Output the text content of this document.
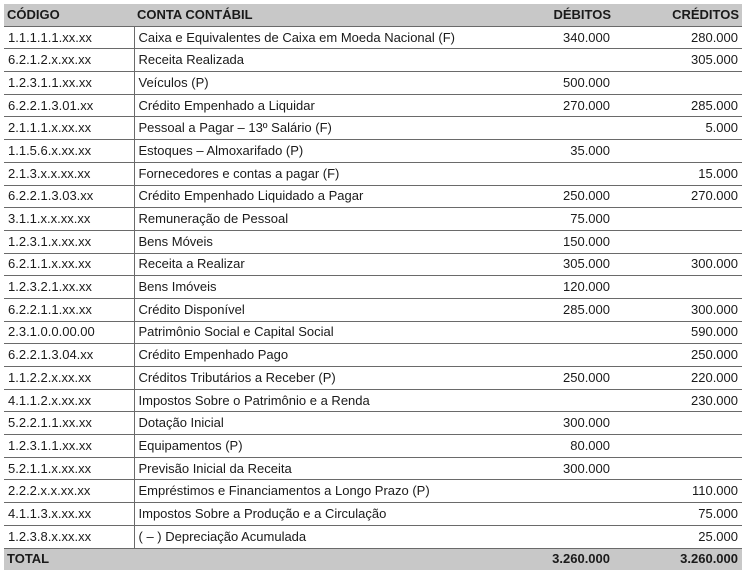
CÓDIGO	CONTA CONTÁBIL	DÉBITOS	CRÉDITOS
1.1.1.1.1.xx.xx	Caixa e Equivalentes de Caixa em Moeda Nacional (F)	340.000	280.000
6.2.1.2.x.xx.xx	Receita Realizada		305.000
1.2.3.1.1.xx.xx	Veículos (P)	500.000	
6.2.2.1.3.01.xx	Crédito Empenhado a Liquidar	270.000	285.000
2.1.1.1.x.xx.xx	Pessoal a Pagar – 13º Salário (F)		5.000
1.1.5.6.x.xx.xx	Estoques – Almoxarifado (P)	35.000	
2.1.3.x.x.xx.xx	Fornecedores e contas a pagar (F)		15.000
6.2.2.1.3.03.xx	Crédito Empenhado Liquidado a Pagar	250.000	270.000
3.1.1.x.x.xx.xx	Remuneração de Pessoal	75.000	
1.2.3.1.x.xx.xx	Bens Móveis	150.000	
6.2.1.1.x.xx.xx	Receita a Realizar	305.000	300.000
1.2.3.2.1.xx.xx	Bens Imóveis	120.000	
6.2.2.1.1.xx.xx	Crédito Disponível	285.000	300.000
2.3.1.0.0.00.00	Patrimônio Social e Capital Social		590.000
6.2.2.1.3.04.xx	Crédito Empenhado Pago		250.000
1.1.2.2.x.xx.xx	Créditos Tributários a Receber (P)	250.000	220.000
4.1.1.2.x.xx.xx	Impostos Sobre o Patrimônio e a Renda		230.000
5.2.2.1.1.xx.xx	Dotação Inicial	300.000	
1.2.3.1.1.xx.xx	Equipamentos (P)	80.000	
5.2.1.1.x.xx.xx	Previsão Inicial da Receita	300.000	
2.2.2.x.x.xx.xx	Empréstimos e Financiamentos a Longo Prazo (P)		110.000
4.1.1.3.x.xx.xx	Impostos Sobre a Produção e a Circulação		75.000
1.2.3.8.x.xx.xx	( – ) Depreciação Acumulada		25.000
TOTAL		3.260.000	3.260.000
